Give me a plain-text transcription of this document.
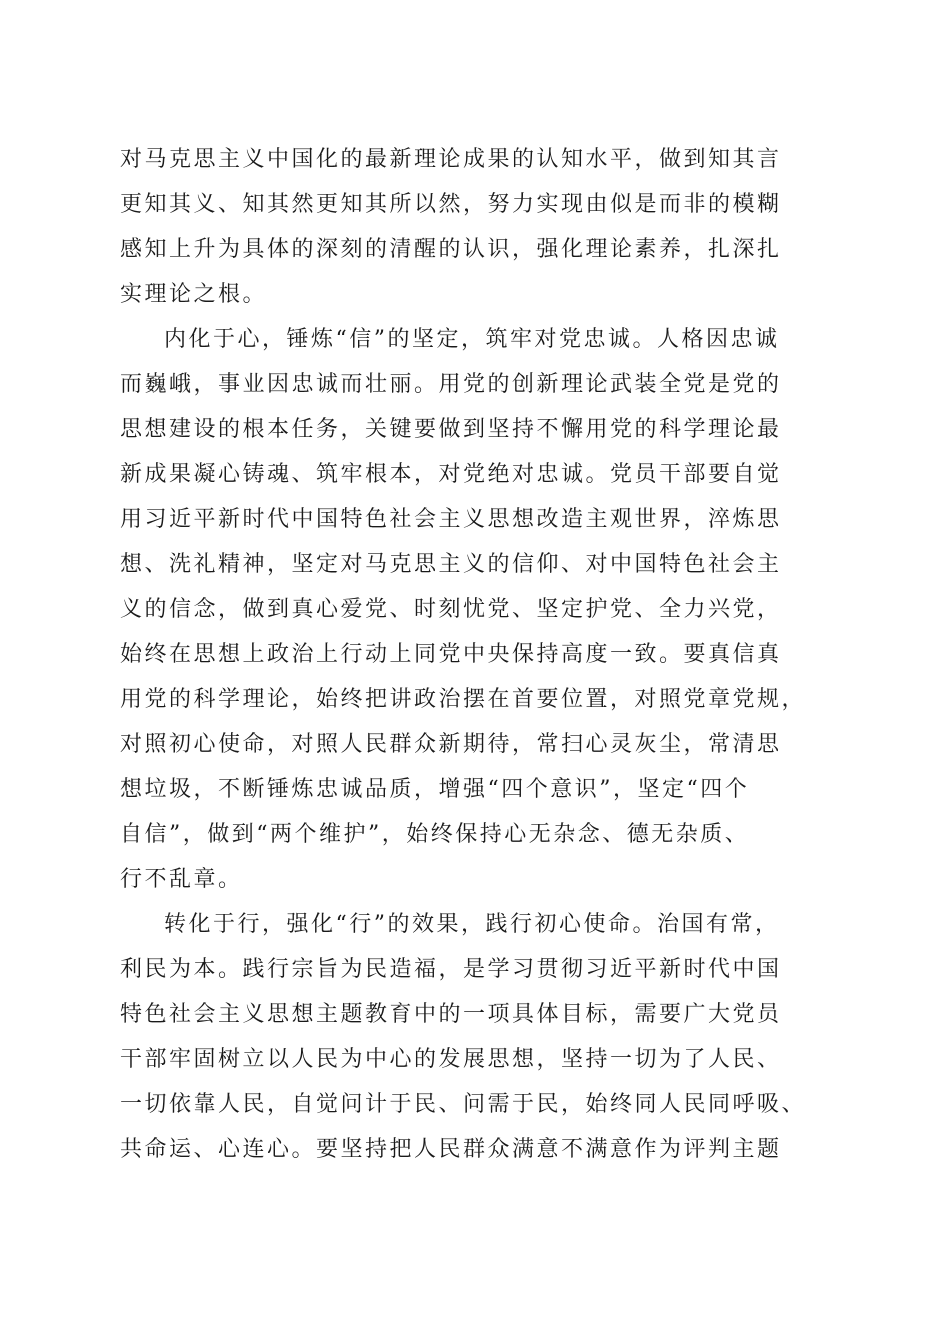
对马克思主义中国化的最新理论成果的认知水平，做到知其言
更知其义、知其然更知其所以然，努力实现由似是而非的模糊
感知上升为具体的深刻的清醒的认识，强化理论素养，扎深扎
实理论之根。
内化于心，锤炼“信”的坚定，筑牢对党忠诚。人格因忠诚
而巍峨，事业因忠诚而壮丽。用党的创新理论武装全党是党的
思想建设的根本任务，关键要做到坚持不懈用党的科学理论最
新成果凝心铸魂、筑牢根本，对党绝对忠诚。党员干部要自觉
用习近平新时代中国特色社会主义思想改造主观世界，淬炼思
想、洗礼精神，坚定对马克思主义的信仰、对中国特色社会主
义的信念，做到真心爱党、时刻忧党、坚定护党、全力兴党，
始终在思想上政治上行动上同党中央保持高度一致。要真信真
用党的科学理论，始终把讲政治摆在首要位置，对照党章党规，
对照初心使命，对照人民群众新期待，常扫心灵灰尘，常清思
想垃圾，不断锤炼忠诚品质，增强“四个意识”，坚定“四个
自信”，做到“两个维护”，始终保持心无杂念、德无杂质、
行不乱章。
转化于行，强化“行”的效果，践行初心使命。治国有常，
利民为本。践行宗旨为民造福，是学习贯彻习近平新时代中国
特色社会主义思想主题教育中的一项具体目标，需要广大党员
干部牢固树立以人民为中心的发展思想，坚持一切为了人民、
一切依靠人民，自觉问计于民、问需于民，始终同人民同呼吸、
共命运、心连心。要坚持把人民群众满意不满意作为评判主题
